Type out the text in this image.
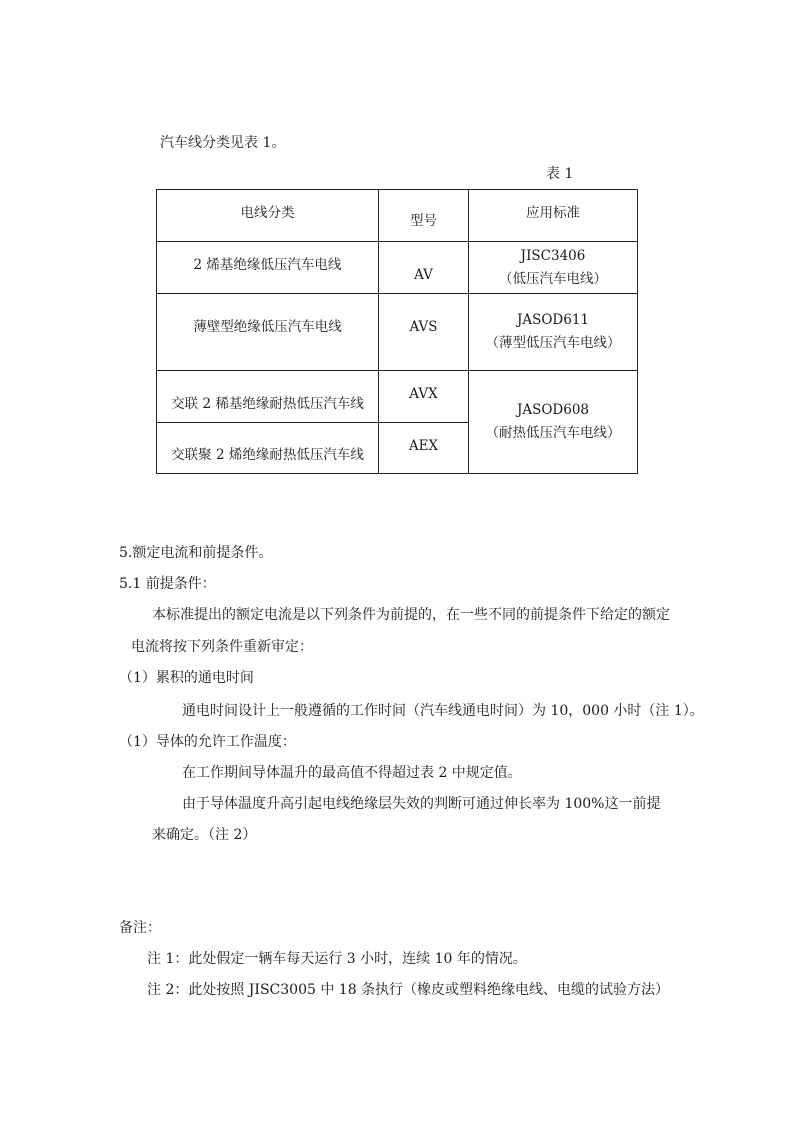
汽车线分类见表 1。
表 1
电线分类	型号	应用标准
2 烯基绝缘低压汽车电线	AV	JISC3406
（低压汽车电线）

薄壁型绝缘低压汽车电线	AVS	JASOD611
（薄型低压汽车电线）

交联 2 稀基绝缘耐热低压汽车线	AVX	JASOD608
（耐热低压汽车电线）

交联聚 2 烯绝缘耐热低压汽车线	AEX	
5.额定电流和前提条件。
5.1 前提条件：
本标准提出的额定电流是以下列条件为前提的，在一些不同的前提条件下给定的额定
电流将按下列条件重新审定：
（1）累积的通电时间
通电时间设计上一般遵循的工作时间（汽车线通电时间）为 10，000 小时（注 1）。
（1）导体的允许工作温度：
在工作期间导体温升的最高值不得超过表 2 中规定值。
由于导体温度升高引起电线绝缘层失效的判断可通过伸长率为 100%这一前提
来确定。（注 2）
备注：
注 1：此处假定一辆车每天运行 3 小时，连续 10 年的情况。
注 2：此处按照 JISC3005 中 18 条执行（橡皮或塑料绝缘电线、电缆的试验方法）
